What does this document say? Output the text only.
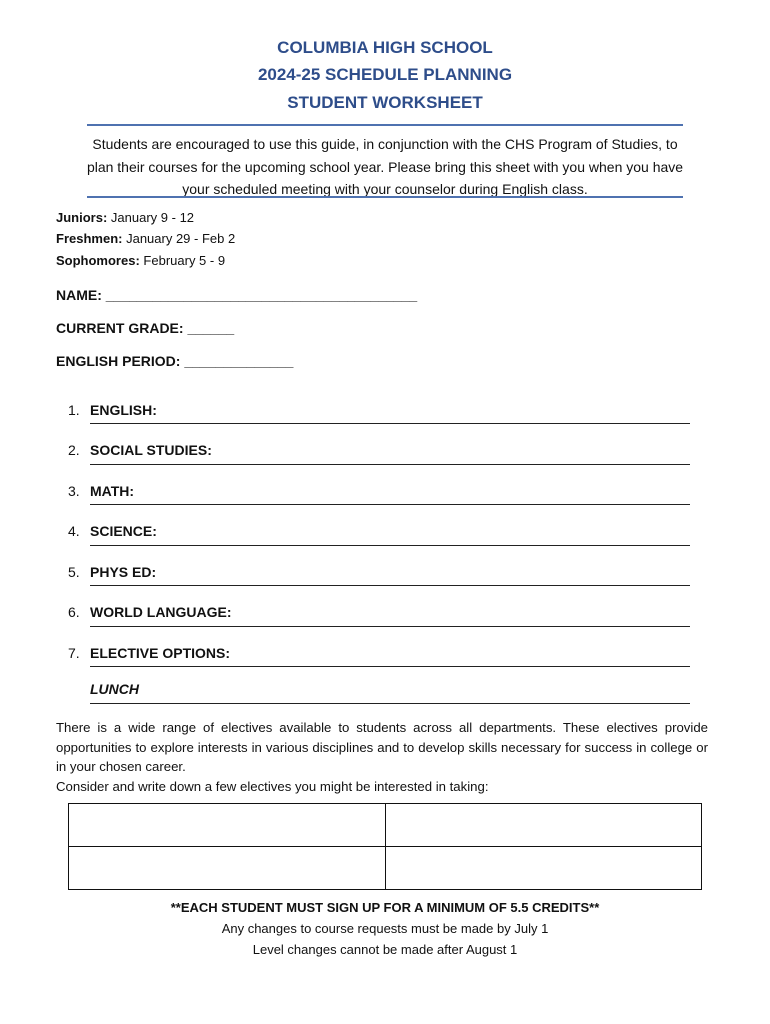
COLUMBIA HIGH SCHOOL
2024-25 SCHEDULE PLANNING
STUDENT WORKSHEET
Students are encouraged to use this guide, in conjunction with the CHS Program of Studies, to plan their courses for the upcoming school year. Please bring this sheet with you when you have your scheduled meeting with your counselor during English class.
Juniors: January 9 - 12
Freshmen: January 29 - Feb 2
Sophomores: February 5 - 9
NAME: ________________________________________
CURRENT GRADE: ______
ENGLISH PERIOD: ______________
1. ENGLISH:
2. SOCIAL STUDIES:
3. MATH:
4. SCIENCE:
5. PHYS ED:
6. WORLD LANGUAGE:
7. ELECTIVE OPTIONS:
LUNCH

There is a wide range of electives available to students across all departments. These electives provide opportunities to explore interests in various disciplines and to develop skills necessary for success in college or in your chosen career.

Consider and write down a few electives you might be interested in taking:

**EACH STUDENT MUST SIGN UP FOR A MINIMUM OF 5.5 CREDITS**
Any changes to course requests must be made by July 1
Level changes cannot be made after August 1
